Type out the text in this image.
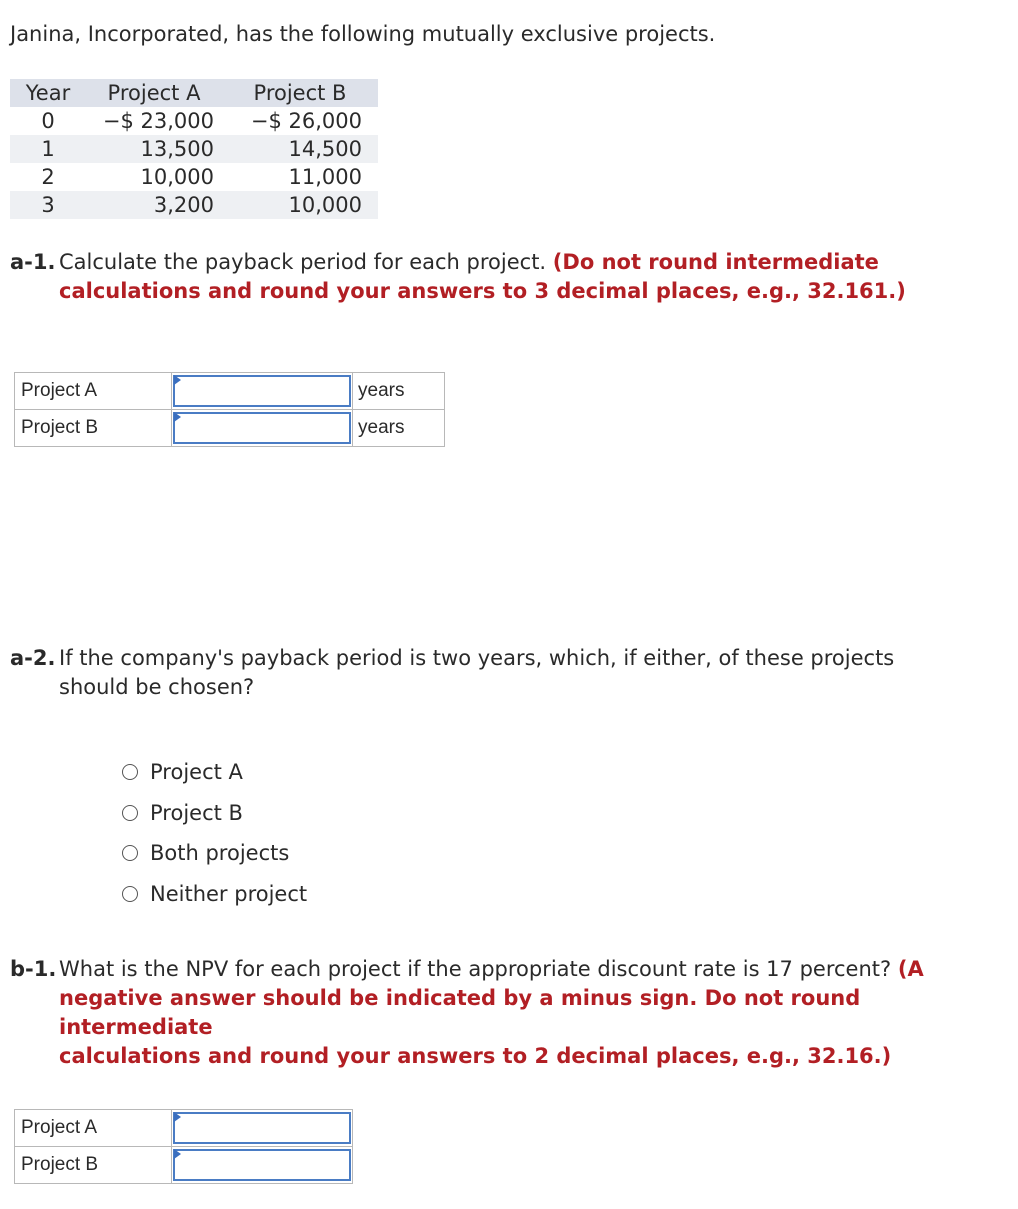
Janina, Incorporated, has the following mutually exclusive projects.
Year	Project A	Project B
0	−$ 23,000	−$ 26,000
1	13,500	14,500
2	10,000	11,000
3	3,200	10,000
a-1. Calculate the payback period for each project. (Do not round intermediate
calculations and round your answers to 3 decimal places, e.g., 32.161.)
Project A		years
Project B		years
a-2. If the company's payback period is two years, which, if either, of these projects
should be chosen?
Project A
Project B
Both projects
Neither project
b-1. What is the NPV for each project if the appropriate discount rate is 17 percent? (A
negative answer should be indicated by a minus sign. Do not round intermediate
calculations and round your answers to 2 decimal places, e.g., 32.16.)
Project A	

Project B	
